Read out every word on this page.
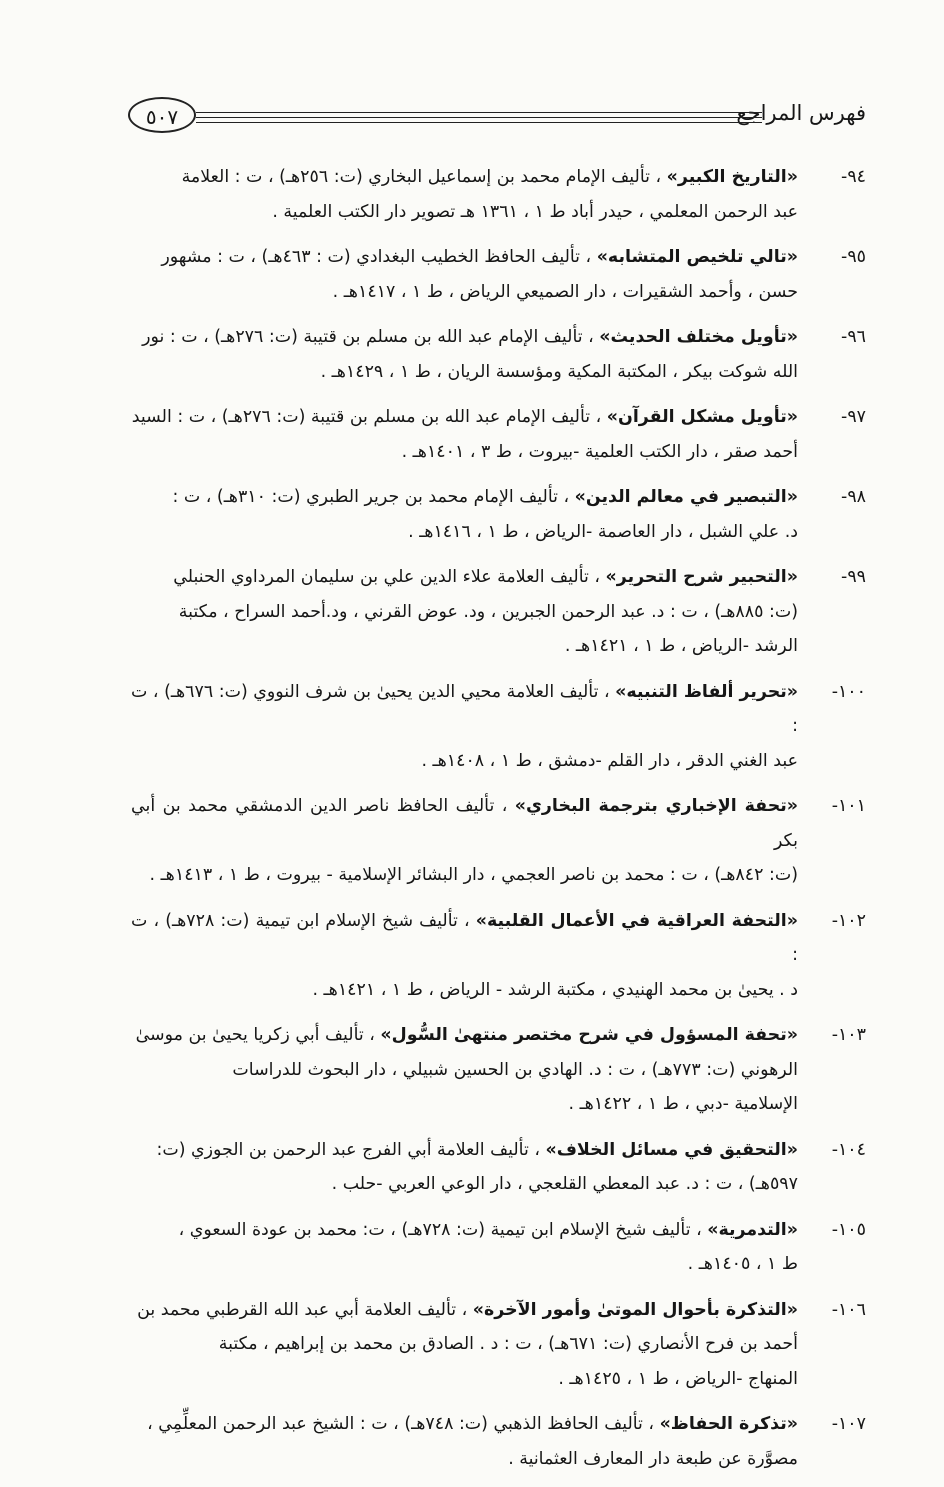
فهرس المراجع
٥٠٧
٩٤-
«التاريخ الكبير» ، تأليف الإمام محمد بن إسماعيل البخاري (ت: ٢٥٦هـ) ، ت : العلامة
عبد الرحمن المعلمي ، حيدر أباد ط ١ ، ١٣٦١ هـ تصوير دار الكتب العلمية .
٩٥-
«تالي تلخيص المتشابه» ، تأليف الحافظ الخطيب البغدادي (ت : ٤٦٣هـ) ، ت : مشهور
حسن ، وأحمد الشقيرات ، دار الصميعي الرياض ، ط ١ ، ١٤١٧هـ .
٩٦-
«تأويل مختلف الحديث» ، تأليف الإمام عبد الله بن مسلم بن قتيبة (ت: ٢٧٦هـ) ، ت : نور
الله شوكت بيكر ، المكتبة المكية ومؤسسة الريان ، ط ١ ، ١٤٢٩هـ .
٩٧-
«تأويل مشكل القرآن» ، تأليف الإمام عبد الله بن مسلم بن قتيبة (ت: ٢٧٦هـ) ، ت : السيد
أحمد صقر ، دار الكتب العلمية -بيروت ، ط ٣ ، ١٤٠١هـ .
٩٨-
«التبصير في معالم الدين» ، تأليف الإمام محمد بن جرير الطبري (ت: ٣١٠هـ) ، ت :
د. علي الشبل ، دار العاصمة -الرياض ، ط ١ ، ١٤١٦هـ .
٩٩-
«التحبير شرح التحرير» ، تأليف العلامة علاء الدين علي بن سليمان المرداوي الحنبلي
(ت: ٨٨٥هـ) ، ت : د. عبد الرحمن الجبرين ، ود. عوض القرني ، ود.أحمد السراح ، مكتبة
الرشد -الرياض ، ط ١ ، ١٤٢١هـ .
١٠٠-
«تحرير ألفاظ التنبيه» ، تأليف العلامة محيي الدين يحيىٰ بن شرف النووي (ت: ٦٧٦هـ) ، ت :
عبد الغني الدقر ، دار القلم -دمشق ، ط ١ ، ١٤٠٨هـ .
١٠١-
«تحفة الإخباري بترجمة البخاري» ، تأليف الحافظ ناصر الدين الدمشقي محمد بن أبي بكر
(ت: ٨٤٢هـ) ، ت : محمد بن ناصر العجمي ، دار البشائر الإسلامية - بيروت ، ط ١ ، ١٤١٣هـ .
١٠٢-
«التحفة العراقية في الأعمال القلبية» ، تأليف شيخ الإسلام ابن تيمية (ت: ٧٢٨هـ) ، ت :
د . يحيىٰ بن محمد الهنيدي ، مكتبة الرشد - الرياض ، ط ١ ، ١٤٢١هـ .
١٠٣-
«تحفة المسؤول في شرح مختصر منتهىٰ السُّول» ، تأليف أبي زكريا يحيىٰ بن موسىٰ
الرهوني (ت: ٧٧٣هـ) ، ت : د. الهادي بن الحسين شبيلي ، دار البحوث للدراسات
الإسلامية -دبي ، ط ١ ، ١٤٢٢هـ .
١٠٤-
«التحقيق في مسائل الخلاف» ، تأليف العلامة أبي الفرج عبد الرحمن بن الجوزي (ت:
٥٩٧هـ) ، ت : د. عبد المعطي القلعجي ، دار الوعي العربي -حلب .
١٠٥-
«التدمرية» ، تأليف شيخ الإسلام ابن تيمية (ت: ٧٢٨هـ) ، ت: محمد بن عودة السعوي ،
ط ١ ، ١٤٠٥هـ .
١٠٦-
«التذكرة بأحوال الموتىٰ وأمور الآخرة» ، تأليف العلامة أبي عبد الله القرطبي محمد بن
أحمد بن فرح الأنصاري (ت: ٦٧١هـ) ، ت : د . الصادق بن محمد بن إبراهيم ، مكتبة
المنهاج -الرياض ، ط ١ ، ١٤٢٥هـ .
١٠٧-
«تذكرة الحفاظ» ، تأليف الحافظ الذهبي (ت: ٧٤٨هـ) ، ت : الشيخ عبد الرحمن المعلِّمِي ،
مصوَّرة عن طبعة دار المعارف العثمانية .
